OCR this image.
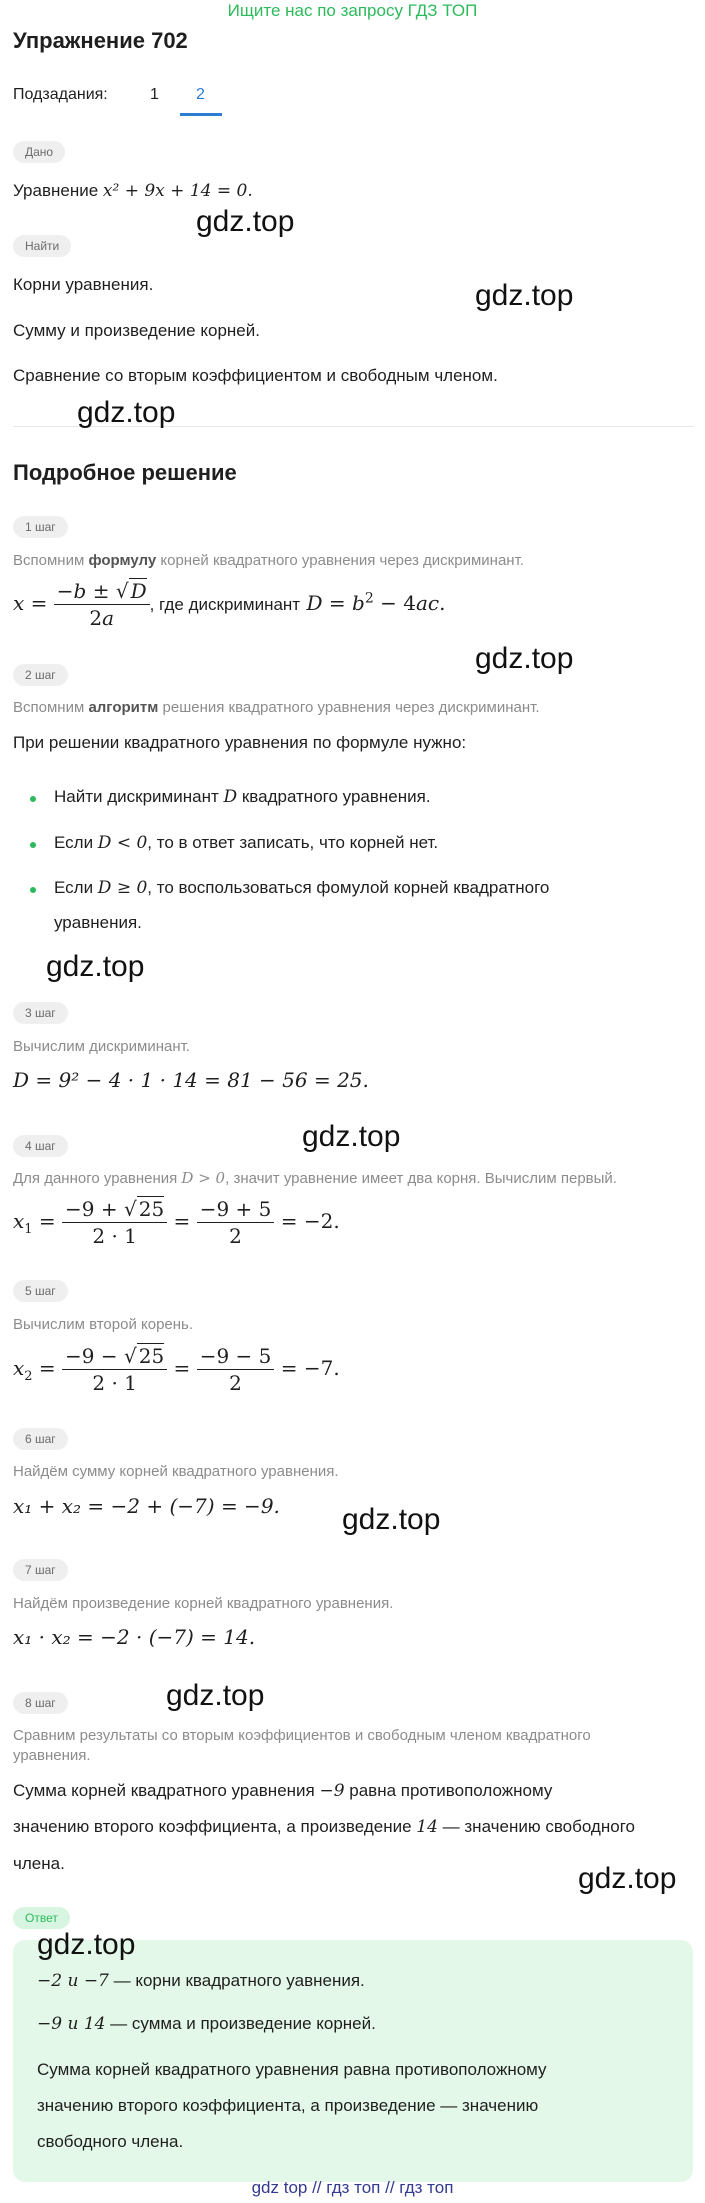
Ищите нас по запросу ГДЗ ТОП
Упражнение 702
Подзадания:	1 2
Дано
Уравнение x² + 9x + 14 = 0.
Найти
Корни уравнения.
Сумму и произведение корней.
Сравнение со вторым коэффициентом и свободным членом.
Подробное решение
1 шаг
Вспомним формулу корней квадратного уравнения через дискриминант.
$x = \frac{-b \pm √ D}{2a}$ , где дискриминант $D = b^2 - 4ac$.
2 шаг
Вспомним алгоритм решения квадратного уравнения через дискриминант.
При решении квадратного уравнения по формуле нужно:
Найти дискриминант D квадратного уравнения.
Если D < 0, то в ответ записать, что корней нет.
Если D ≥ 0, то воспользоваться фомулой корней квадратного
уравнения.
3 шаг
Вычислим дискриминант.
D = 9² − 4 · 1 · 14 = 81 − 56 = 25.
4 шаг
Для данного уравнения D > 0, значит уравнение имеет два корня. Вычислим первый.
$x_1 = \frac{-9 + √ 25}{2 \cdot 1} = \frac{-9 + 5}{2} = -2$.
5 шаг
Вычислим второй корень.
$x_2 = \frac{-9 - √ 25}{2 \cdot 1} = \frac{-9 - 5}{2} = -7$.
6 шаг
Найдём сумму корней квадратного уравнения.
x₁ + x₂ = −2 + (−7) = −9.
7 шаг
Найдём произведение корней квадратного уравнения.
x₁ · x₂ = −2 · (−7) = 14.
8 шаг
Сравним результаты со вторым коэффициентов и свободным членом квадратного
уравнения.
Сумма корней квадратного уравнения −9 равна противоположному
значению второго коэффициента, а произведение 14 — значению свободного
члена.
Ответ
−2 и −7 — корни квадратного уавнения.
−9 и 14 — сумма и произведение корней.
Сумма корней квадратного уравнения равна противоположному
значению второго коэффициента, а произведение — значению
свободного члена.
gdz.top
gdz.top
gdz.top
gdz.top
gdz.top
gdz.top
gdz.top
gdz.top
gdz.top
gdz.top
gdz top // гдз топ // гдз топ
